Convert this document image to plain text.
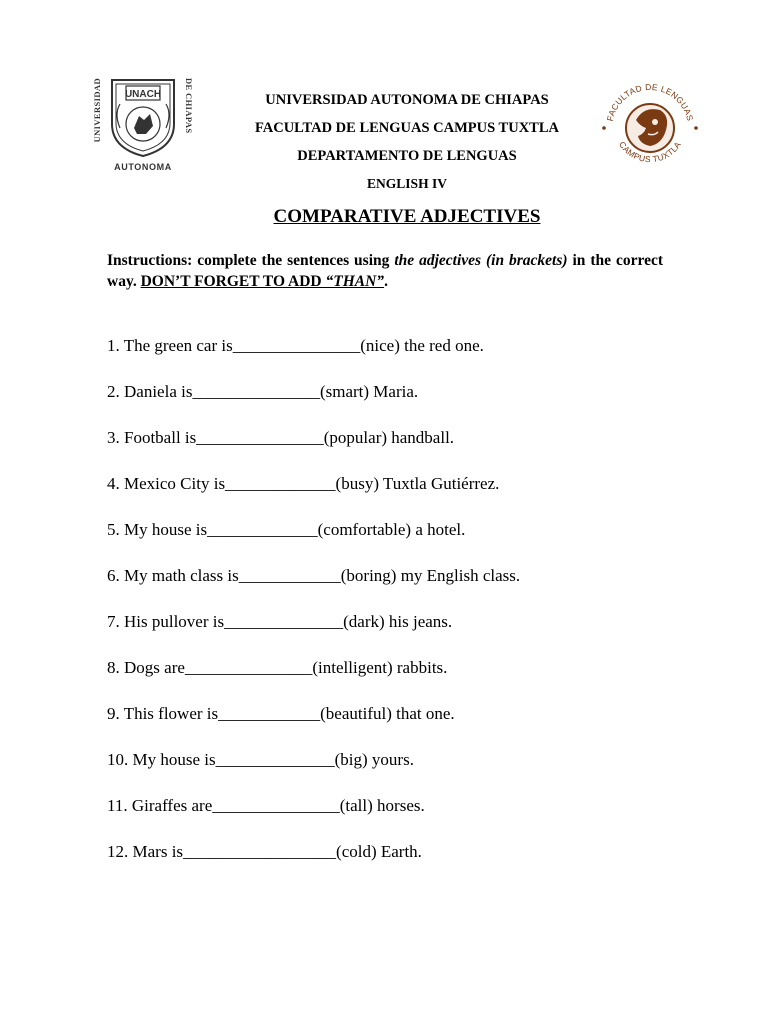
UNIVERSIDAD	DE CHIAPAS
UNACH
AUTONOMA
FACULTAD DE LENGUAS
CAMPUS TUXTLA
UNIVERSIDAD AUTONOMA DE CHIAPAS
FACULTAD DE LENGUAS CAMPUS TUXTLA
DEPARTAMENTO DE LENGUAS
ENGLISH IV
COMPARATIVE ADJECTIVES
Instructions: complete the sentences using the adjectives (in brackets) in the correct way. DON’T FORGET TO ADD “THAN”.
1. The green car is_______________(nice) the red one.
2. Daniela is_______________(smart) Maria.
3. Football is_______________(popular) handball.
4. Mexico City is_____________(busy) Tuxtla Gutiérrez.
5. My house is_____________(comfortable) a hotel.
6. My math class is____________(boring) my English class.
7. His pullover is______________(dark) his jeans.
8. Dogs are_______________(intelligent) rabbits.
9. This flower is____________(beautiful) that one.
10. My house is______________(big) yours.
11. Giraffes are_______________(tall) horses.
12. Mars is__________________(cold) Earth.
